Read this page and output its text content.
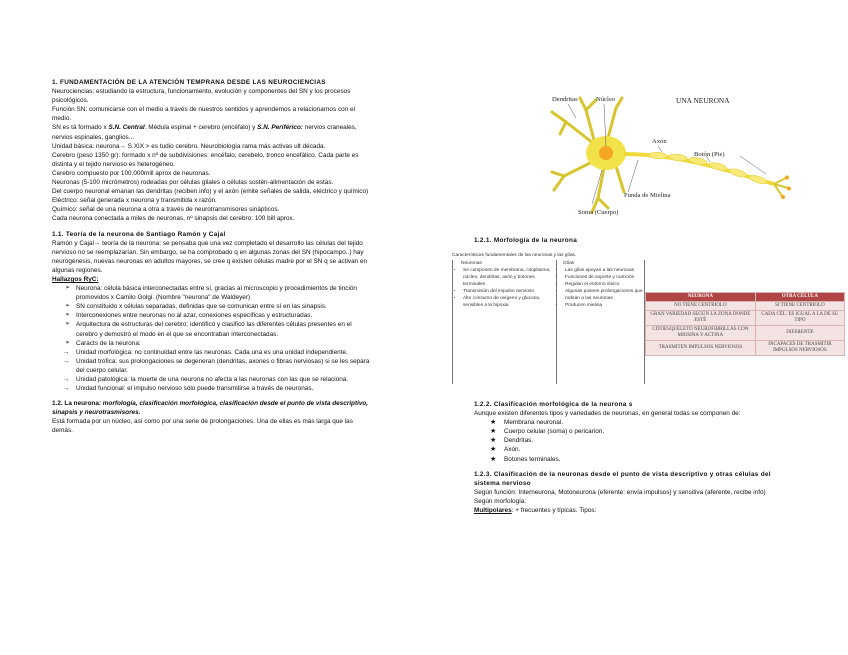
1. FUNDAMENTACIÓN DE LA ATENCIÓN TEMPRANA DESDE LAS NEUROCIENCIAS

Neurociencias: estudiando la estructura, funcionamiento, evolución y componentes del SN y los procesos psicológicos.

Función SN: comunicarse con el medio a través de nuestros sentidos y aprendemos a relacionarnos con el medio.

SN es tá formado x S.N. Central: Médula espinal + cerebro (encéfalo) y S.N. Periférico: nervios craneales, nervios espinales, ganglios...

Unidad básica: neurona→ S.XIX > es tudio cerebro. Neurobiología rama más activas ult década.

Cerebro (peso 1350 gr): formado x nº de subdivisiones: encéfalo, cerebelo, tronco encefálico. Cada parte es distinta y el tejido nervioso es heterogéneo.

Cerebro compuesto por 100.000mill aprox de neuronas.

Neuronas (5-100 micrómetros) rodeadas por células gliales o células sostén-alimentación de estas.

Del cuerpo neuronal emanan las dendritas (reciben info) y el axón (emite señales de salida, eléctrico y químico)

Eléctrico: señal generada x neurona y transmitida x razón.

Químico: señal de una neurona a otra a través de neurotransmisores sinápticos.

Cada neurona conectada a miles de neuronas, nº sinapsis del cerebro: 100 bill aprox.

1.1. Teoría de la neurona de Santiago Ramón y Cajal

Ramón y Cajal→ teoría de la neurona: se pensaba que una vez completado el desarrollo las células del tejido nervioso no se reemplazarían. Sin embargo, se ha comprobado q en algunas zonas del SN (hipocampo..) hay neurogénesis, nuevas neuronas en adultos mayores, se cree q existen células madre por el SN q se activan en algunas regiones.

Hallazgos RyC:

➢ Neurona: célula básica interconectadas entre sí, gracias al microscopio y procedimientos de tinción promovidos x Camilo Golgi. (Nombre "neurona" de Waldeyer)
➢ SN constituido x células separadas, definidas que se comunican entre sí en las sinapsis.
➢ Interconexiones entre neuronas no al azar, conexiones específicas y estructuradas.
➢ Arquitectura de estructuras del cerebro; identificó y clasificó las diferentes células presentes en el cerebro y demostró el modo en el que se encontraban interconectadas.
➢ Caracts de la neurona:
→ Unidad morfológica: no continuidad entre las neuronas. Cada una es una unidad independiente.
→ Unidad trófica: sus prolongaciones se degeneran (dendritas, axones o fibras nerviosas) si se les separa del cuerpo celular.
→ Unidad patológica: la muerte de una neurona no afecta a las neuronas con las que se relaciona.
→ Unidad funcional: el impulso nervioso sólo puede transmitirse a través de neuronas.

1.2. La neurona: morfología, clasificación morfológica, clasificación desde el punto de vista descriptivo, sinapsis y neurotrasmisores.

Está formada por un núcleo, así como por una serie de prolongaciones. Una de ellas es más larga que las demás.

Dendritas	Núcleo	UNA NEURONA
Axón
Botón (Pie)
Funda de Mielina
Soma (Cuerpo)
Características fundamentales de las neuronas y las glías.
Neuronas
• Se componen de membrana, citoplasma, núcleo, dendritas, axón y botones terminales
• Transmisión del impulso nervioso
• Alto consumo de oxígeno y glucosa, sensibles a la hipoxia
Glías
• Las glías apoyan a las neuronas
• Funciones de soporte y nutrición
• Regulan el entorno iónico
• Algunas poseen prolongaciones que rodean a las neuronas
• Producen mielina
NEURONA	OTRA CÉLULA
NO TIENE CENTRIOLO	SI TIENE CENTRIOLO
GRAN VARIEDAD SEGÚN LA ZONA DONDE ESTÉ	CADA CÉL. ES IGUAL A LA DE SU TIPO
CITOESQUELETO NEUROFIBRILLAS CON MIOSINA Y ACTINA	DIFERENTE
TRASMITEN IMPULSOS NERVIOSOS	INCAPACES DE TRASMITIR IMPULSOS NERVIOSOS

1.2.1. Morfología de la neurona

1.2.2. Clasificación morfológica de la neurona s

Aunque existen diferentes tipos y variedades de neuronas, en general todas se componen de:

★ Membrana neuronal.
★ Cuerpo celular (soma) o pericarion.
★ Dendritas.
★ Axón.
★ Botones terminales.

1.2.3. Clasificación de la neuronas desde el punto de vista descriptivo y otras células del sistema nervioso

Según función: Interneurona, Motoneurona (eferente: envía impulsos) y sensitiva (aferente, recibe info)

Según morfología:

Multipolares: + frecuentes y típicas. Tipos:
